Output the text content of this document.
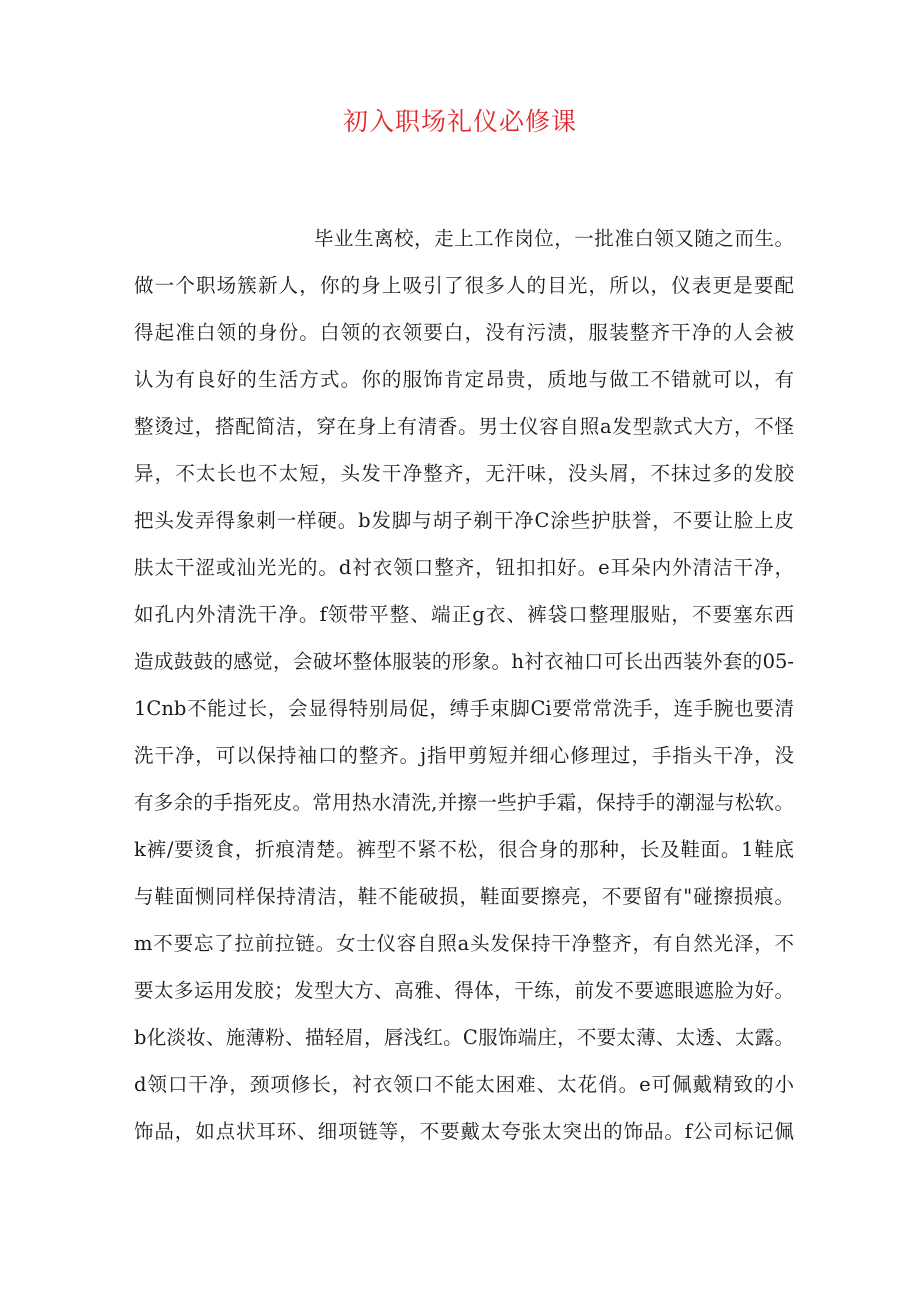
初入职场礼仪必修课
毕业生离校，走上工作岗位，一批准白领又随之而生。
做一个职场簇新人，你的身上吸引了很多人的目光，所以，仪表更是要配
得起准白领的身份。白领的衣领要白，没有污渍，服装整齐干净的人会被
认为有良好的生活方式。你的服饰肯定昂贵，质地与做工不错就可以，有
整烫过，搭配简洁，穿在身上有清香。男士仪容自照a发型款式大方，不怪
异，不太长也不太短，头发干净整齐，无汗味，没头屑，不抹过多的发胶
把头发弄得象刺一样硬。b发脚与胡子剃干净C涂些护肤誉，不要让脸上皮
肤太干涩或汕光光的。d衬衣领口整齐，钮扣扣好。e耳朵内外清洁干净，
如孔内外清洗干净。f领带平整、端正g衣、裤袋口整理服贴，不要塞东西
造成鼓鼓的感觉，会破坏整体服装的形象。h衬衣袖口可长出西装外套的05-
1Cnb不能过长，会显得特别局促，缚手束脚Ci要常常洗手，连手腕也要清
洗干净，可以保持袖口的整齐。j指甲剪短并细心修理过，手指头干净，没
有多余的手指死皮。常用热水清洗,并擦一些护手霜，保持手的潮湿与松软。
k裤/要烫食，折痕清楚。裤型不紧不松，很合身的那种，长及鞋面。1鞋底
与鞋面恻同样保持清洁，鞋不能破损，鞋面要擦亮，不要留有"碰擦损痕。
m不要忘了拉前拉链。女士仪容自照a头发保持干净整齐，有自然光泽，不
要太多运用发胶；发型大方、高雅、得体，干练，前发不要遮眼遮脸为好。
b化淡妆、施薄粉、描轻眉，唇浅红。C服饰端庄，不要太薄、太透、太露。
d领口干净，颈项修长，衬衣领口不能太困难、太花俏。e可佩戴精致的小
饰品，如点状耳环、细项链等，不要戴太夸张太突出的饰品。f公司标记佩
